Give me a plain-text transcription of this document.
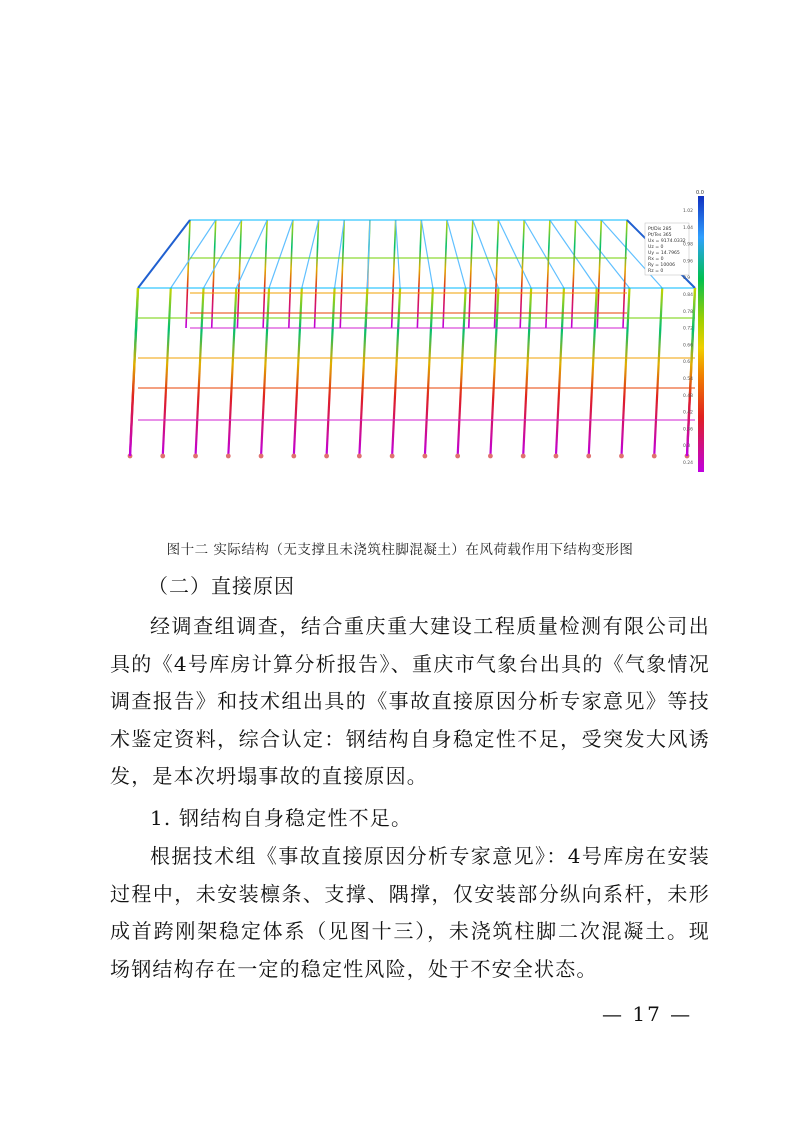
Pt/Dis 285
Pt/Tes 365
Ux = 9174.0332
Uz = 0
Uy = 14.7965
Rx = 0
Ry = 10006
Rz = 0
0.0
1.02
1.04
0.98
0.96
0.9
0.84
0.78
0.72
0.66
0.6
0.54
0.48
0.42
0.36
0.3
0.24
图十二 实际结构（无支撑且未浇筑柱脚混凝土）在风荷载作用下结构变形图
（二）直接原因
经调查组调查，结合重庆重大建设工程质量检测有限公司出具的《4号库房计算分析报告》、重庆市气象台出具的《气象情况调查报告》和技术组出具的《事故直接原因分析专家意见》等技术鉴定资料，综合认定：钢结构自身稳定性不足，受突发大风诱发，是本次坍塌事故的直接原因。
1. 钢结构自身稳定性不足。
根据技术组《事故直接原因分析专家意见》：4号库房在安装过程中，未安装檩条、支撑、隅撑，仅安装部分纵向系杆，未形成首跨刚架稳定体系（见图十三），未浇筑柱脚二次混凝土。现场钢结构存在一定的稳定性风险，处于不安全状态。
— 17 —
